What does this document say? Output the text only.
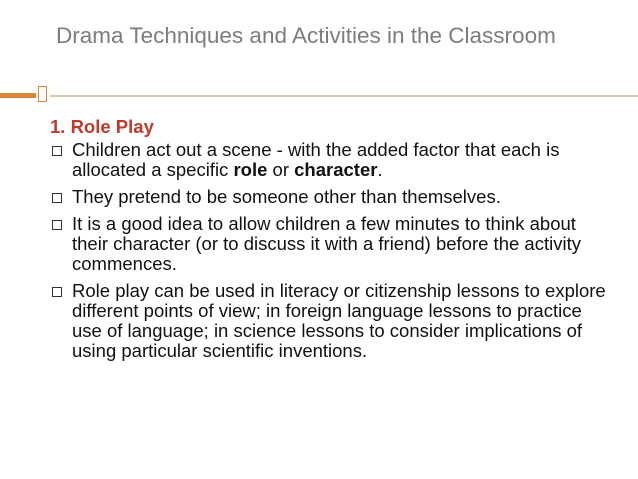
Drama Techniques and Activities in the Classroom
1. Role Play
Children act out a scene - with the added factor that each is allocated a specific role or character.
They pretend to be someone other than themselves.
It is a good idea to allow children a few minutes to think about their character (or to discuss it with a friend) before the activity commences.
Role play can be used in literacy or citizenship lessons to explore different points of view; in foreign language lessons to practice use of language; in science lessons to consider implications of using particular scientific inventions.
